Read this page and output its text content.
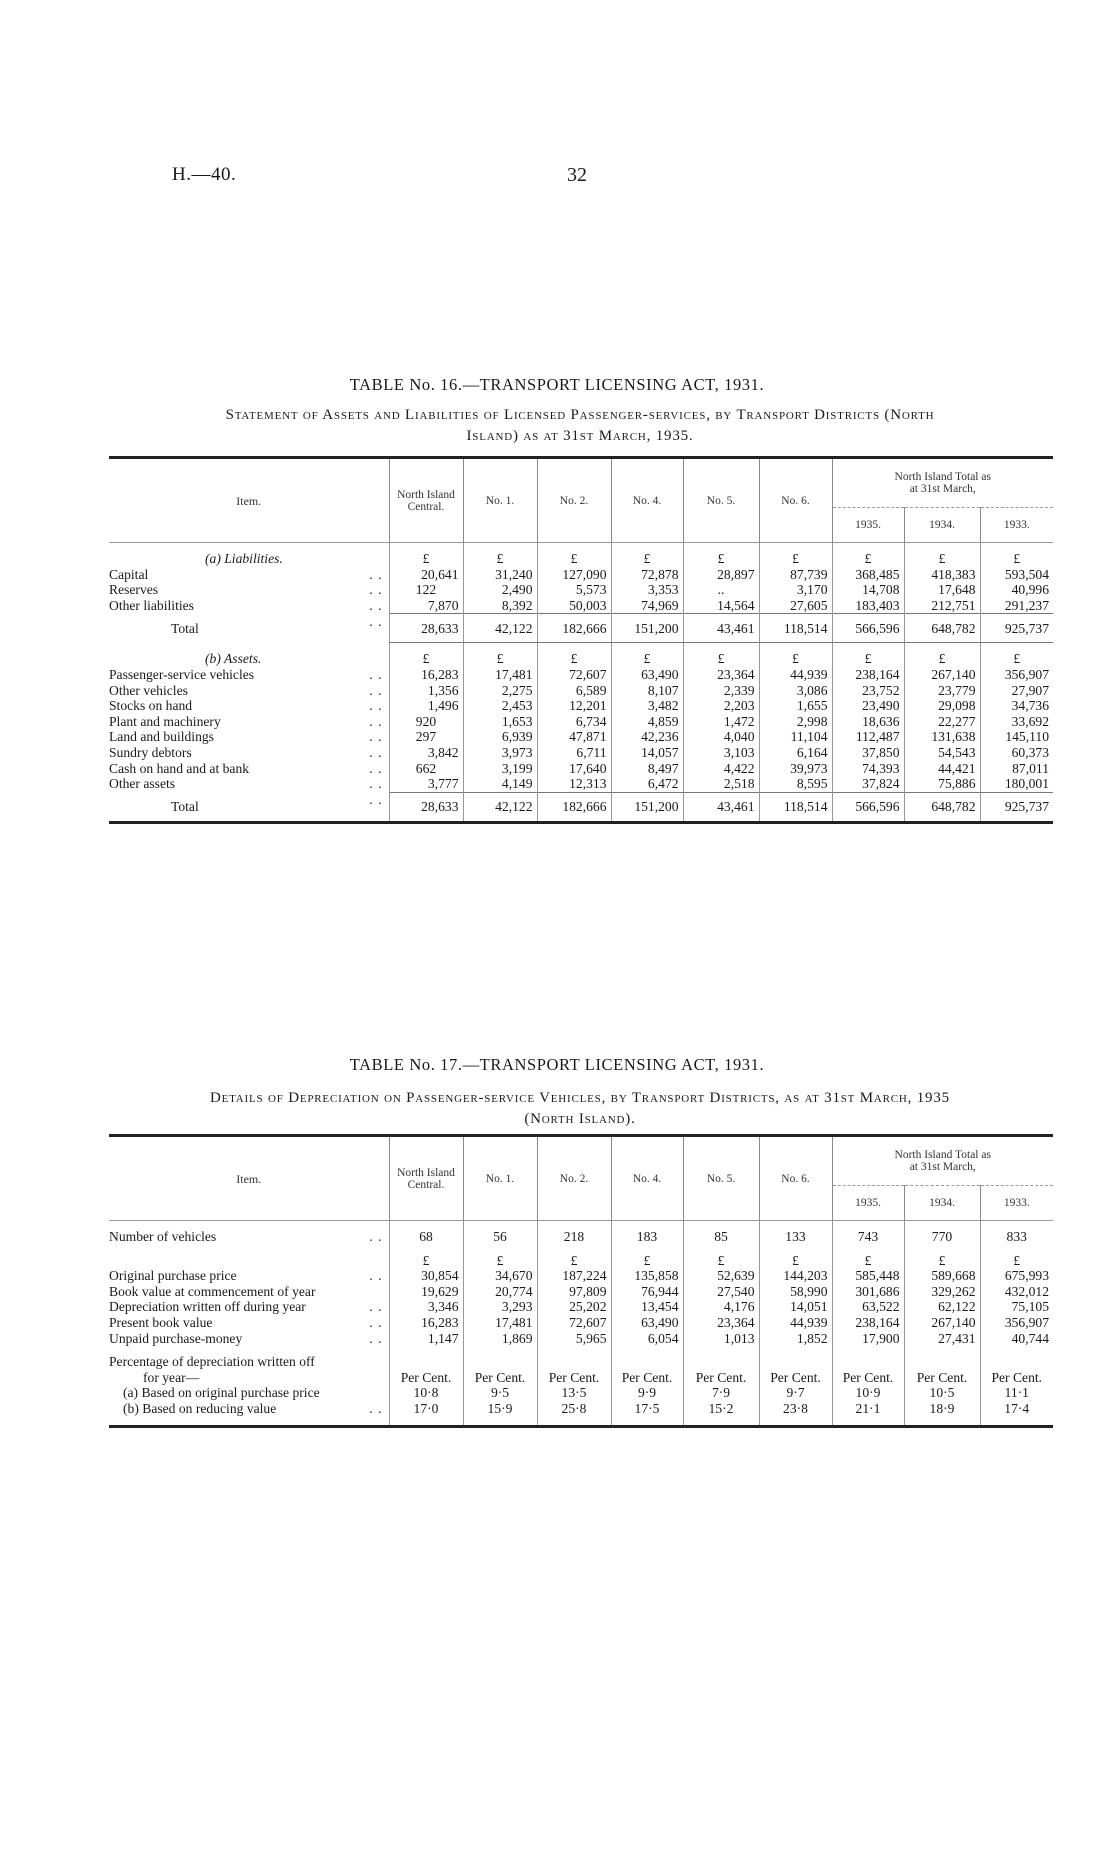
H.—40.	32
TABLE No. 16.—TRANSPORT LICENSING ACT, 1931.
Statement of Assets and Liabilities of Licensed Passenger-services, by Transport Districts (North
Island) as at 31st March, 1935.
Item.	North Island Central.	No. 1.	No. 2.	No. 4.	No. 5.	No. 6.	North Island Total as at 31st March,		
							1935.	1934.	1933.

(a) Liabilities.	£	£	£	£	£	£	£	£	£
Capital . .	20,641	31,240	127,090	72,878	28,897	87,739	368,485	418,383	593,504
Reserves . .	122	2,490	5,573	3,353	..	3,170	14,708	17,648	40,996
Other liabilities . .	7,870	8,392	50,003	74,969	14,564	27,605	183,403	212,751	291,237
Total . .	28,633	42,122	182,666	151,200	43,461	118,514	566,596	648,782	925,737

(b) Assets.	£	£	£	£	£	£	£	£	£
Passenger-service vehicles . .	16,283	17,481	72,607	63,490	23,364	44,939	238,164	267,140	356,907
Other vehicles . .	1,356	2,275	6,589	8,107	2,339	3,086	23,752	23,779	27,907
Stocks on hand . .	1,496	2,453	12,201	3,482	2,203	1,655	23,490	29,098	34,736
Plant and machinery . .	920	1,653	6,734	4,859	1,472	2,998	18,636	22,277	33,692
Land and buildings . .	297	6,939	47,871	42,236	4,040	11,104	112,487	131,638	145,110
Sundry debtors . .	3,842	3,973	6,711	14,057	3,103	6,164	37,850	54,543	60,373
Cash on hand and at bank . .	662	3,199	17,640	8,497	4,422	39,973	74,393	44,421	87,011
Other assets . .	3,777	4,149	12,313	6,472	2,518	8,595	37,824	75,886	180,001
Total . .	28,633	42,122	182,666	151,200	43,461	118,514	566,596	648,782	925,737
TABLE No. 17.—TRANSPORT LICENSING ACT, 1931.
Details of Depreciation on Passenger-service Vehicles, by Transport Districts, as at 31st March, 1935
(North Island).
Item.	North Island Central.	No. 1.	No. 2.	No. 4.	No. 5.	No. 6.	North Island Total as at 31st March,		
							1935.	1934.	1933.

Number of vehicles . .	68	56	218	183	85	133	743	770	833

	£	£	£	£	£	£	£	£	£
Original purchase price . .	30,854	34,670	187,224	135,858	52,639	144,203	585,448	589,668	675,993
Book value at commencement of year	19,629	20,774	97,809	76,944	27,540	58,990	301,686	329,262	432,012
Depreciation written off during year . .	3,346	3,293	25,202	13,454	4,176	14,051	63,522	62,122	75,105
Present book value . .	16,283	17,481	72,607	63,490	23,364	44,939	238,164	267,140	356,907
Unpaid purchase-money . .	1,147	1,869	5,965	6,054	1,013	1,852	17,900	27,431	40,744

Percentage of depreciation written off									
for year—	Per Cent.	Per Cent.	Per Cent.	Per Cent.	Per Cent.	Per Cent.	Per Cent.	Per Cent.	Per Cent.
(a) Based on original purchase price	10·8	9·5	13·5	9·9	7·9	9·7	10·9	10·5	11·1
(b) Based on reducing value . .	17·0	15·9	25·8	17·5	15·2	23·8	21·1	18·9	17·4
